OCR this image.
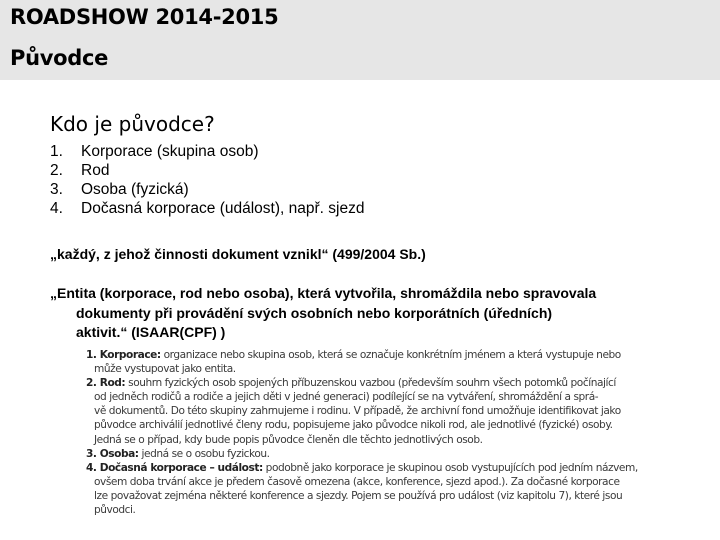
ROADSHOW 2014-2015
Původce
Kdo je původce?
1. Korporace (skupina osob)
2. Rod
3. Osoba (fyzická)
4. Dočasná korporace (událost), např. sjezd
„každý, z jehož činnosti dokument vznikl“ (499/2004 Sb.)
„Entita (korporace, rod nebo osoba), která vytvořila, shromáždila nebo spravovala
dokumenty při provádění svých osobních nebo korporátních (úředních)
aktivit.“ (ISAAR(CPF) )
1. Korporace: organizace nebo skupina osob, která se označuje konkrétním jménem a která vystupuje nebo
může vystupovat jako entita.
2. Rod: souhrn fyzických osob spojených příbuzenskou vazbou (především souhrn všech potomků počínající
od jedněch rodičů a rodiče a jejich děti v jedné generaci) podílející se na vytváření, shromáždění a sprá-
vě dokumentů. Do této skupiny zahrnujeme i rodinu. V případě, že archivní fond umožňuje identifikovat jako
původce archiválií jednotlivé členy rodu, popisujeme jako původce nikoli rod, ale jednotlivé (fyzické) osoby.
Jedná se o případ, kdy bude popis původce členěn dle těchto jednotlivých osob.
3. Osoba: jedná se o osobu fyzickou.
4. Dočasná korporace – událost: podobně jako korporace je skupinou osob vystupujících pod jedním názvem,
ovšem doba trvání akce je předem časově omezena (akce, konference, sjezd apod.). Za dočasné korporace
lze považovat zejména některé konference a sjezdy. Pojem se používá pro událost (viz kapitolu 7), které jsou
původci.
